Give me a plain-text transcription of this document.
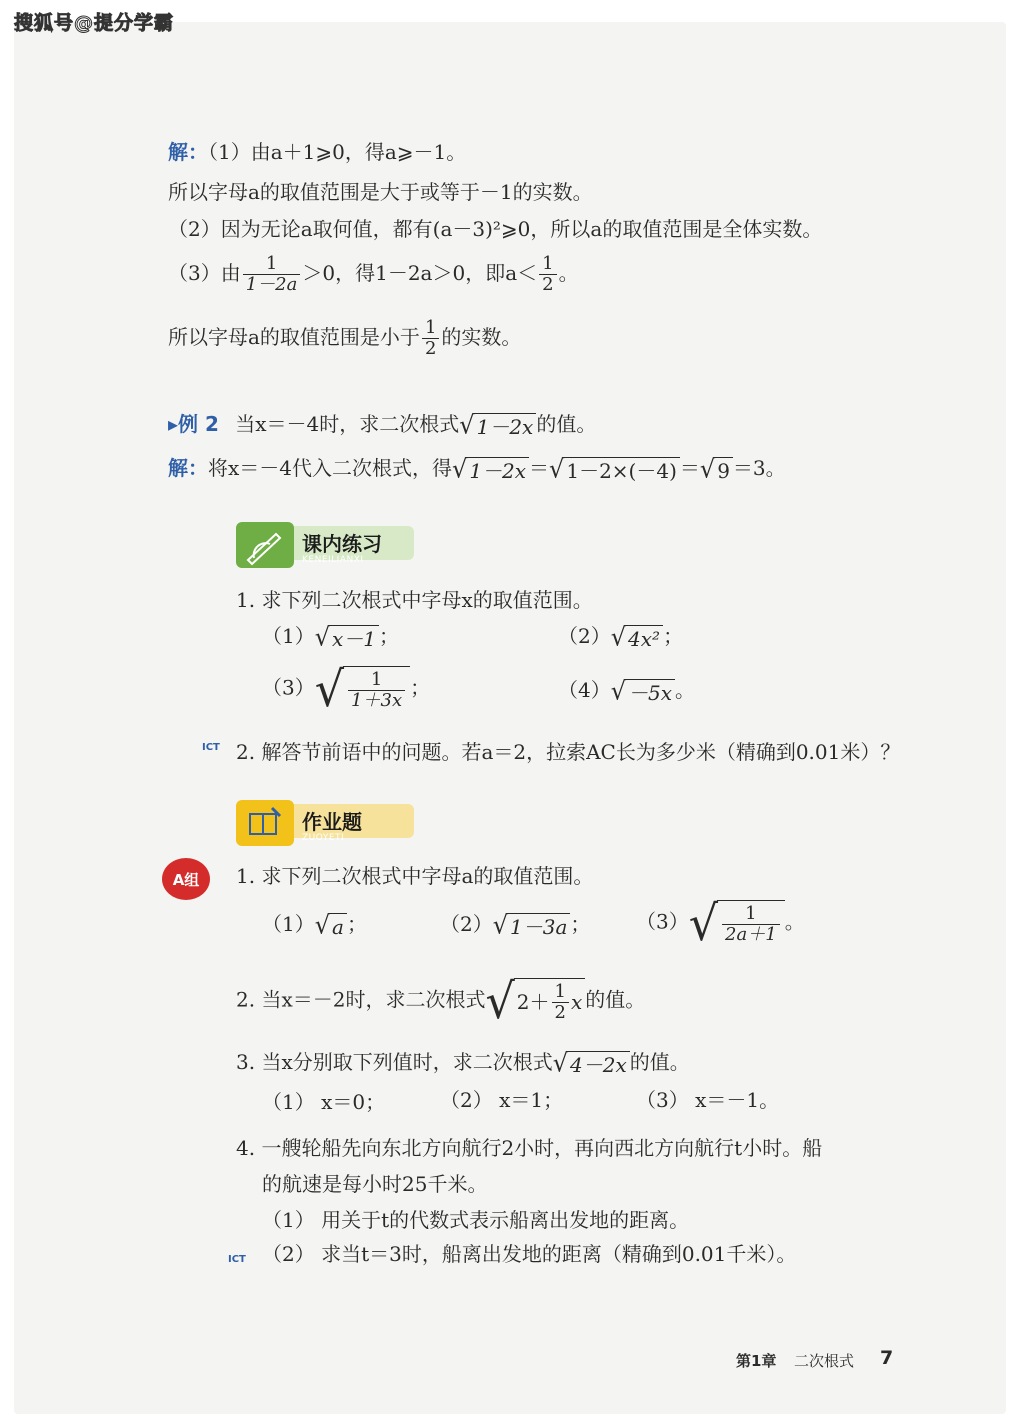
搜狐号@提分学霸
解：（1）由a＋1⩾0，得a⩾－1。
所以字母a的取值范围是大于或等于－1的实数。
（2）因为无论a取何值，都有(a－3)²⩾0，所以a的取值范围是全体实数。
（3）由 $\frac{1}{1-2a} >0$，得1－2a＞0，即$a< \frac{1}{2}$ 。
所以字母a的取值范围是小于 $\frac{1}{2}$ 的实数。
▸例 2 当x＝－4时，求二次根式 √ 1－2x 的值。
解：将x＝－4代入二次根式，得 √ 1－2x ＝ √ 1－2×(－4) ＝ √ 9 ＝3。
课内练习
KENEILIANXI
1. 求下列二次根式中字母x的取值范围。
（1） √ x－1 ；	（2） √ 4x² ；
（3） √ $\frac{1}{1+3x}$ ；	（4） √ －5x 。
ICT 2. 解答节前语中的问题。若a＝2，拉索AC长为多少米（精确到0.01米）？
作业题
ZUOYETI
A组	1. 求下列二次根式中字母a的取值范围。
（1） √ a ；	（2） √ 1－3a ； （3） √ $\frac{1}{2a+1}$ 。
2. 当x＝－2时，求二次根式 √ $2+ \frac{1}{2}$ x 的值。
3. 当x分别取下列值时，求二次根式 √ 4－2x 的值。
（1） x＝0；	（2） x＝1；	（3） x＝－1。
4. 一艘轮船先向东北方向航行2小时，再向西北方向航行t小时。船
的航速是每小时25千米。
（1） 用关于t的代数式表示船离出发地的距离。
ICT （2） 求当t＝3时，船离出发地的距离（精确到0.01千米）。
第1章 二次根式 7
